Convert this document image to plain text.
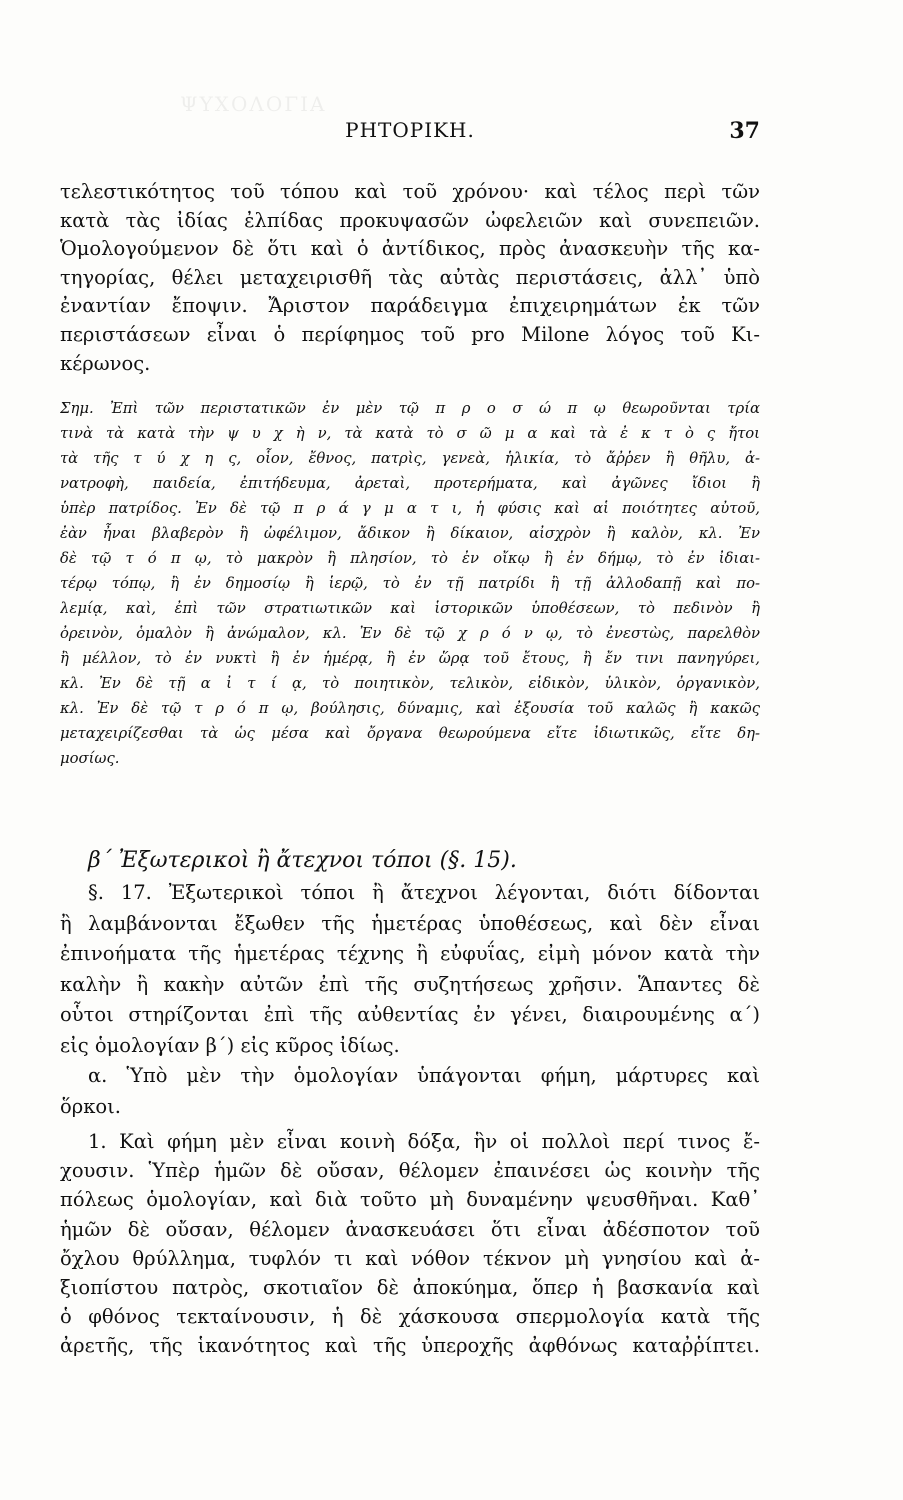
ΨΥΧΟΛΟΓΙΑ
ΡΗΤΟΡΙΚΗ.	37
τελεστικότητος τοῦ τόπου καὶ τοῦ χρόνου· καὶ τέλος περὶ τῶν
κατὰ τὰς ἰδίας ἐλπίδας προκυψασῶν ὠφελειῶν καὶ συνεπειῶν.
Ὁμολογούμενον δὲ ὅτι καὶ ὁ ἀντίδικος, πρὸς ἀνασκευὴν τῆς κα-
τηγορίας, θέλει μεταχειρισθῆ τὰς αὐτὰς περιστάσεις, ἀλλ᾽ ὑπὸ
ἐναντίαν ἔποψιν. Ἄριστον παράδειγμα ἐπιχειρημάτων ἐκ τῶν
περιστάσεων εἶναι ὁ περίφημος τοῦ pro Milone λόγος τοῦ Κι-
κέρωνος.
Σημ. Ἐπὶ τῶν περιστατικῶν ἐν μὲν τῷ π ρ ο σ ώ π ῳ θεωροῦνται τρία
τινὰ τὰ κατὰ τὴν ψ υ χ ὴ ν, τὰ κατὰ τὸ σ ῶ μ α καὶ τὰ ἐ κ τ ὸ ς ἤτοι
τὰ τῆς τ ύ χ η ς, οἷον, ἔθνος, πατρὶς, γενεὰ, ἡλικία, τὸ ἄῤῥεν ἢ θῆλυ, ἀ-
νατροφὴ, παιδεία, ἐπιτήδευμα, ἀρεταὶ, προτερήματα, καὶ ἀγῶνες ἴδιοι ἢ
ὑπὲρ πατρίδος. Ἐν δὲ τῷ π ρ ά γ μ α τ ι, ἡ φύσις καὶ αἱ ποιότητες αὐτοῦ,
ἐὰν ἦναι βλαβερὸν ἢ ὠφέλιμον, ἄδικον ἢ δίκαιον, αἰσχρὸν ἢ καλὸν, κλ. Ἐν
δὲ τῷ τ ό π ῳ, τὸ μακρὸν ἢ πλησίον, τὸ ἐν οἴκῳ ἢ ἐν δήμῳ, τὸ ἐν ἰδιαι-
τέρῳ τόπῳ, ἢ ἐν δημοσίῳ ἢ ἱερῷ, τὸ ἐν τῇ πατρίδι ἢ τῇ ἀλλοδαπῇ καὶ πο-
λεμίᾳ, καὶ, ἐπὶ τῶν στρατιωτικῶν καὶ ἱστορικῶν ὑποθέσεων, τὸ πεδινὸν ἢ
ὀρεινὸν, ὁμαλὸν ἢ ἀνώμαλον, κλ. Ἐν δὲ τῷ χ ρ ό ν ῳ, τὸ ἐνεστὼς, παρελθὸν
ἢ μέλλον, τὸ ἐν νυκτὶ ἢ ἐν ἡμέρᾳ, ἢ ἐν ὥρᾳ τοῦ ἔτους, ἢ ἔν τινι πανηγύρει,
κλ. Ἐν δὲ τῇ α ἰ τ ί ᾳ, τὸ ποιητικὸν, τελικὸν, εἰδικὸν, ὑλικὸν, ὀργανικὸν,
κλ. Ἐν δὲ τῷ τ ρ ό π ῳ, βούλησις, δύναμις, καὶ ἐξουσία τοῦ καλῶς ἢ κακῶς
μεταχειρίζεσθαι τὰ ὡς μέσα καὶ ὄργανα θεωρούμενα εἴτε ἰδιωτικῶς, εἴτε δη-
μοσίως.
β΄ Ἐξωτερικοὶ ἢ ἄτεχνοι τόποι (§. 15).
§. 17. Ἐξωτερικοὶ τόποι ἢ ἄτεχνοι λέγονται, διότι δίδονται
ἢ λαμβάνονται ἔξωθεν τῆς ἡμετέρας ὑποθέσεως, καὶ δὲν εἶναι
ἐπινοήματα τῆς ἡμετέρας τέχνης ἢ εὐφυΐας, εἰμὴ μόνον κατὰ τὴν
καλὴν ἢ κακὴν αὐτῶν ἐπὶ τῆς συζητήσεως χρῆσιν. Ἅπαντες δὲ
οὗτοι στηρίζονται ἐπὶ τῆς αὐθεντίας ἐν γένει, διαιρουμένης α΄)
εἰς ὁμολογίαν β΄) εἰς κῦρος ἰδίως.
α. Ὑπὸ μὲν τὴν ὁμολογίαν ὑπάγονται φήμη, μάρτυρες καὶ
ὅρκοι.
1. Καὶ φήμη μὲν εἶναι κοινὴ δόξα, ἣν οἱ πολλοὶ περί τινος ἔ-
χουσιν. Ὑπὲρ ἡμῶν δὲ οὔσαν, θέλομεν ἐπαινέσει ὡς κοινὴν τῆς
πόλεως ὁμολογίαν, καὶ διὰ τοῦτο μὴ δυναμένην ψευσθῆναι. Καθ᾽
ἡμῶν δὲ οὔσαν, θέλομεν ἀνασκευάσει ὅτι εἶναι ἀδέσποτον τοῦ
ὄχλου θρύλλημα, τυφλόν τι καὶ νόθον τέκνον μὴ γνησίου καὶ ἀ-
ξιοπίστου πατρὸς, σκοτιαῖον δὲ ἀποκύημα, ὅπερ ἡ βασκανία καὶ
ὁ φθόνος τεκταίνουσιν, ἡ δὲ χάσκουσα σπερμολογία κατὰ τῆς
ἀρετῆς, τῆς ἱκανότητος καὶ τῆς ὑπεροχῆς ἀφθόνως καταῤῥίπτει.
